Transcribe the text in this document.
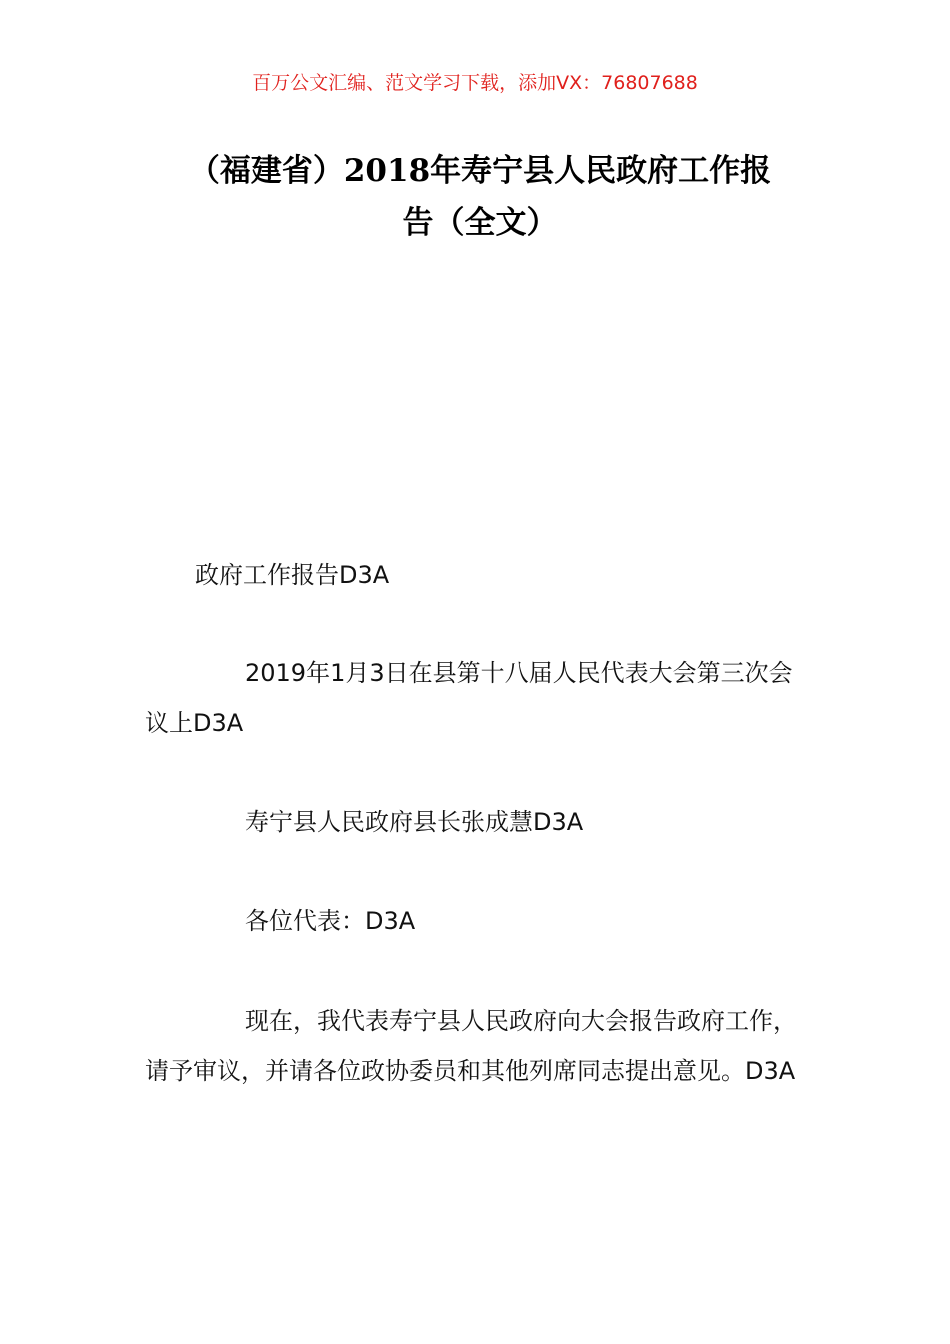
百万公文汇编、范文学习下载，添加VX：76807688
（福建省）2018年寿宁县人民政府工作报
告（全文）

政府工作报告D3A

2019年1月3日在县第十八届人民代表大会第三次会议上D3A

寿宁县人民政府县长张成慧D3A

各位代表：D3A

现在，我代表寿宁县人民政府向大会报告政府工作，请予审议，并请各位政协委员和其他列席同志提出意见。D3A
